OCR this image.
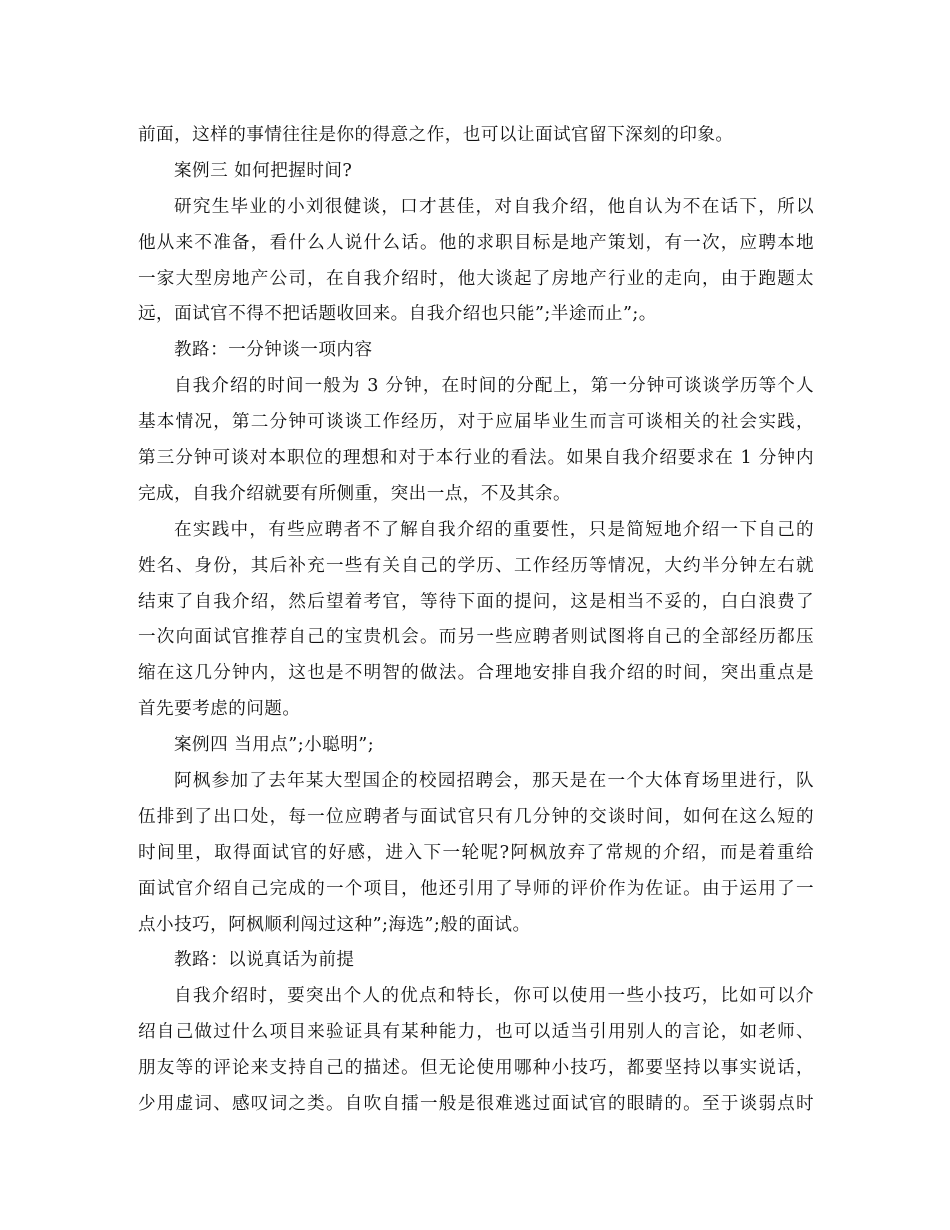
前面，这样的事情往往是你的得意之作，也可以让面试官留下深刻的印象。
案例三 如何把握时间?
研究生毕业的小刘很健谈，口才甚佳，对自我介绍，他自认为不在话下，所以
他从来不准备，看什么人说什么话。他的求职目标是地产策划，有一次，应聘本地
一家大型房地产公司，在自我介绍时，他大谈起了房地产行业的走向，由于跑题太
远，面试官不得不把话题收回来。自我介绍也只能”;半途而止”;。
教路：一分钟谈一项内容
自我介绍的时间一般为 3 分钟，在时间的分配上，第一分钟可谈谈学历等个人
基本情况，第二分钟可谈谈工作经历，对于应届毕业生而言可谈相关的社会实践，
第三分钟可谈对本职位的理想和对于本行业的看法。如果自我介绍要求在 1 分钟内
完成，自我介绍就要有所侧重，突出一点，不及其余。
在实践中，有些应聘者不了解自我介绍的重要性，只是简短地介绍一下自己的
姓名、身份，其后补充一些有关自己的学历、工作经历等情况，大约半分钟左右就
结束了自我介绍，然后望着考官，等待下面的提问，这是相当不妥的，白白浪费了
一次向面试官推荐自己的宝贵机会。而另一些应聘者则试图将自己的全部经历都压
缩在这几分钟内，这也是不明智的做法。合理地安排自我介绍的时间，突出重点是
首先要考虑的问题。
案例四 当用点”;小聪明”;
阿枫参加了去年某大型国企的校园招聘会，那天是在一个大体育场里进行，队
伍排到了出口处，每一位应聘者与面试官只有几分钟的交谈时间，如何在这么短的
时间里，取得面试官的好感，进入下一轮呢?阿枫放弃了常规的介绍，而是着重给
面试官介绍自己完成的一个项目，他还引用了导师的评价作为佐证。由于运用了一
点小技巧，阿枫顺利闯过这种”;海选”;般的面试。
教路：以说真话为前提
自我介绍时，要突出个人的优点和特长，你可以使用一些小技巧，比如可以介
绍自己做过什么项目来验证具有某种能力，也可以适当引用别人的言论，如老师、
朋友等的评论来支持自己的描述。但无论使用哪种小技巧，都要坚持以事实说话，
少用虚词、感叹词之类。自吹自擂一般是很难逃过面试官的眼睛的。至于谈弱点时
